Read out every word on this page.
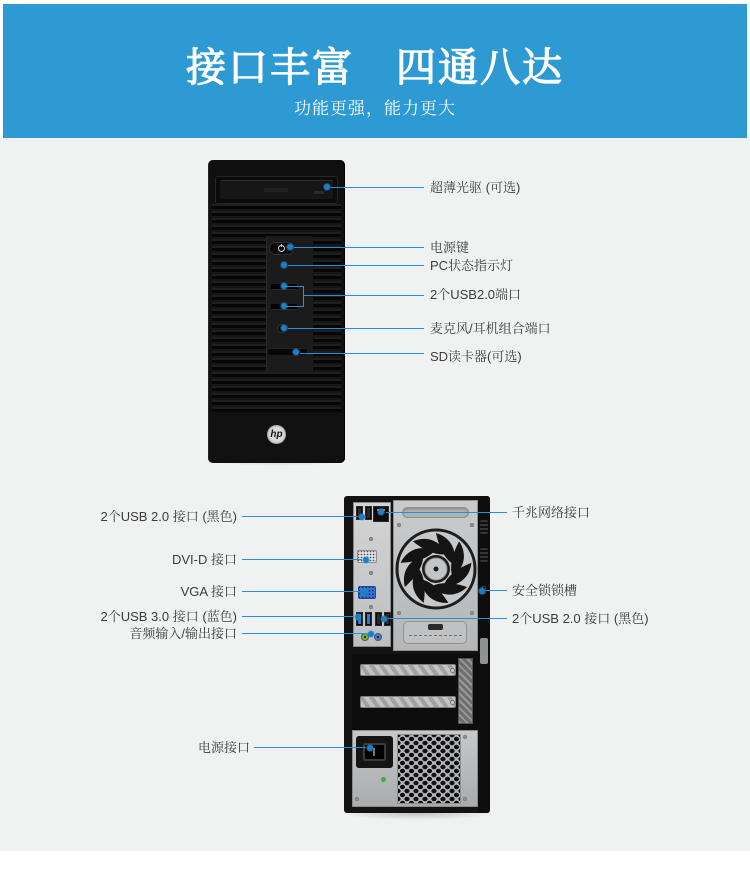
接口丰富　四通八达
功能更强，能力更大
hp
超薄光驱 (可选)
电源键
PC状态指示灯
2个USB2.0端口
麦克风/耳机组合端口
SD读卡器(可选)
2个USB 2.0 接口 (黑色)
DVI-D 接口
VGA 接口
2个USB 3.0 接口 (蓝色)
音频输入/输出接口
电源接口
千兆网络接口
安全锁锁槽
2个USB 2.0 接口 (黑色)
